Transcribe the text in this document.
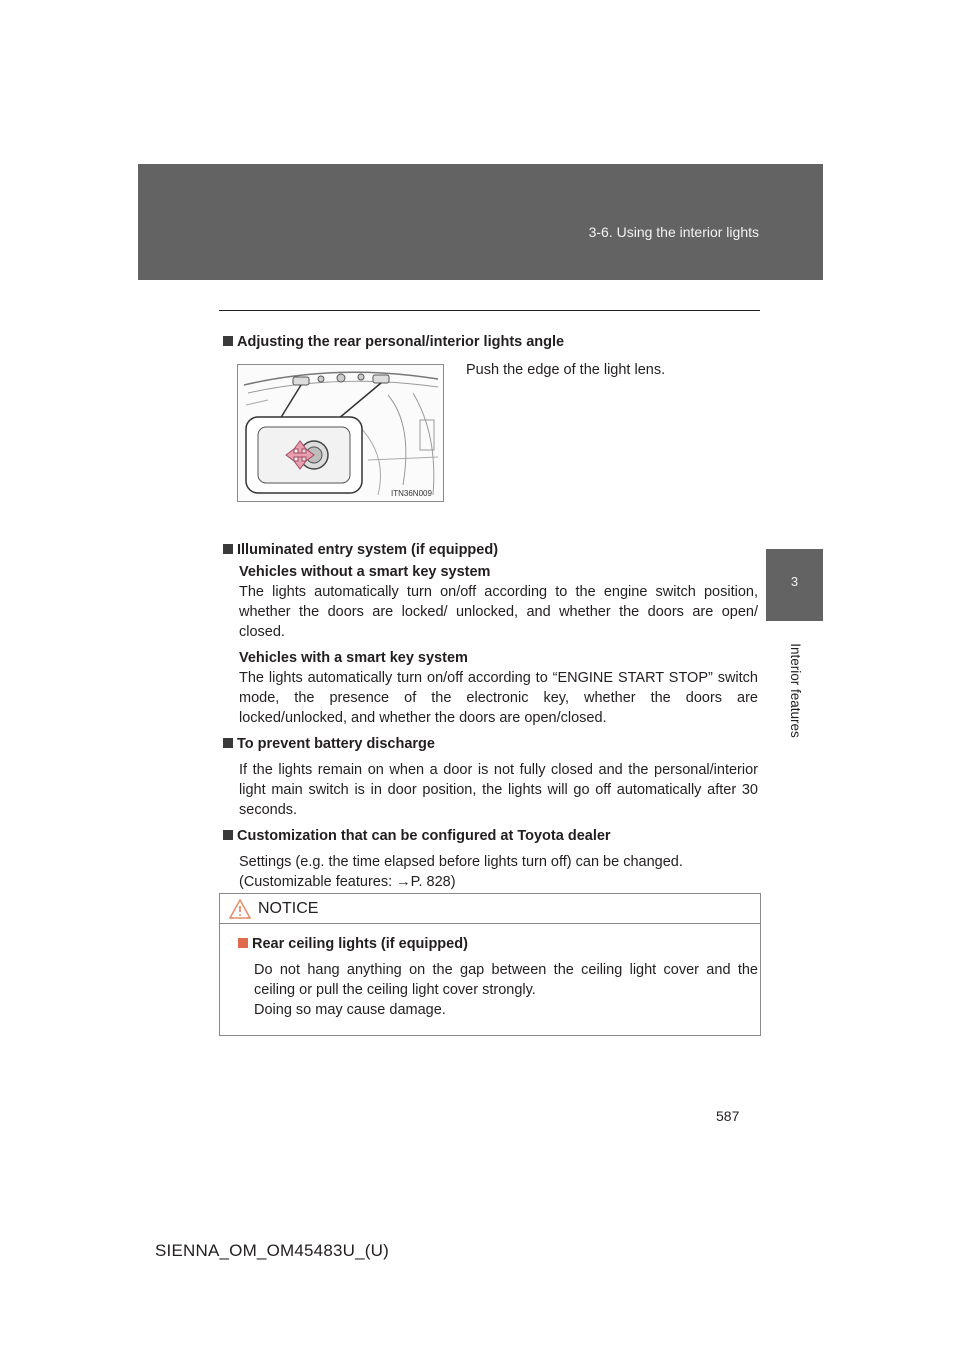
3-6. Using the interior lights
3
Interior features

Adjusting the rear personal/interior lights angle

ITN36N009
Push the edge of the light lens.

Illuminated entry system (if equipped)

Vehicles without a smart key system
The lights automatically turn on/off according to the engine switch position, whether the doors are locked/ unlocked, and whether the doors are open/ closed.
Vehicles with a smart key system
The lights automatically turn on/off according to “ENGINE START STOP” switch mode, the presence of the electronic key, whether the doors are locked/unlocked, and whether the doors are open/closed.

To prevent battery discharge

If the lights remain on when a door is not fully closed and the personal/interior light main switch is in door position, the lights will go off automatically after 30 seconds.

Customization that can be configured at Toyota dealer

Settings (e.g. the time elapsed before lights turn off) can be changed.
(Customizable features: →P. 828)
NOTICE
Rear ceiling lights (if equipped)
Do not hang anything on the gap between the ceiling light cover and the ceiling or pull the ceiling light cover strongly.
Doing so may cause damage.
587
SIENNA_OM_OM45483U_(U)
